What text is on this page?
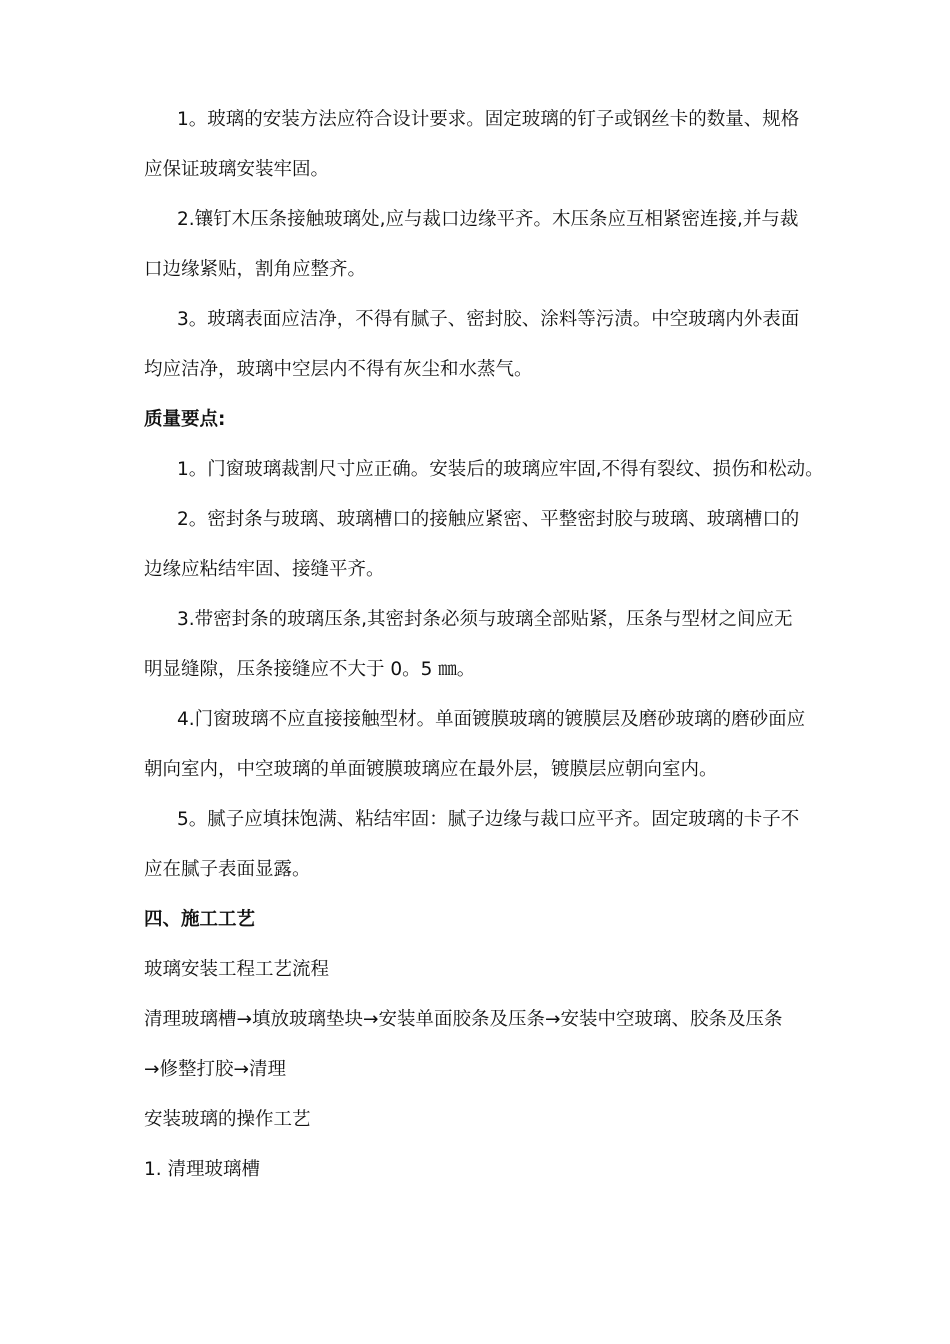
1。玻璃的安装方法应符合设计要求。固定玻璃的钉子或钢丝卡的数量、规格
应保证玻璃安装牢固。
2.镶钉木压条接触玻璃处,应与裁口边缘平齐。木压条应互相紧密连接,并与裁
口边缘紧贴，割角应整齐。
3。玻璃表面应洁净，不得有腻子、密封胶、涂料等污渍。中空玻璃内外表面
均应洁净，玻璃中空层内不得有灰尘和水蒸气。
质量要点:
1。门窗玻璃裁割尺寸应正确。安装后的玻璃应牢固,不得有裂纹、损伤和松动。
2。密封条与玻璃、玻璃槽口的接触应紧密、平整密封胶与玻璃、玻璃槽口的
边缘应粘结牢固、接缝平齐。
3.带密封条的玻璃压条,其密封条必须与玻璃全部贴紧，压条与型材之间应无
明显缝隙，压条接缝应不大于 0。5 ㎜。
4.门窗玻璃不应直接接触型材。单面镀膜玻璃的镀膜层及磨砂玻璃的磨砂面应
朝向室内，中空玻璃的单面镀膜玻璃应在最外层，镀膜层应朝向室内。
5。腻子应填抹饱满、粘结牢固：腻子边缘与裁口应平齐。固定玻璃的卡子不
应在腻子表面显露。
四、施工工艺
玻璃安装工程工艺流程
清理玻璃槽→填放玻璃垫块→安装单面胶条及压条→安装中空玻璃、胶条及压条
→修整打胶→清理
安装玻璃的操作工艺
1. 清理玻璃槽
